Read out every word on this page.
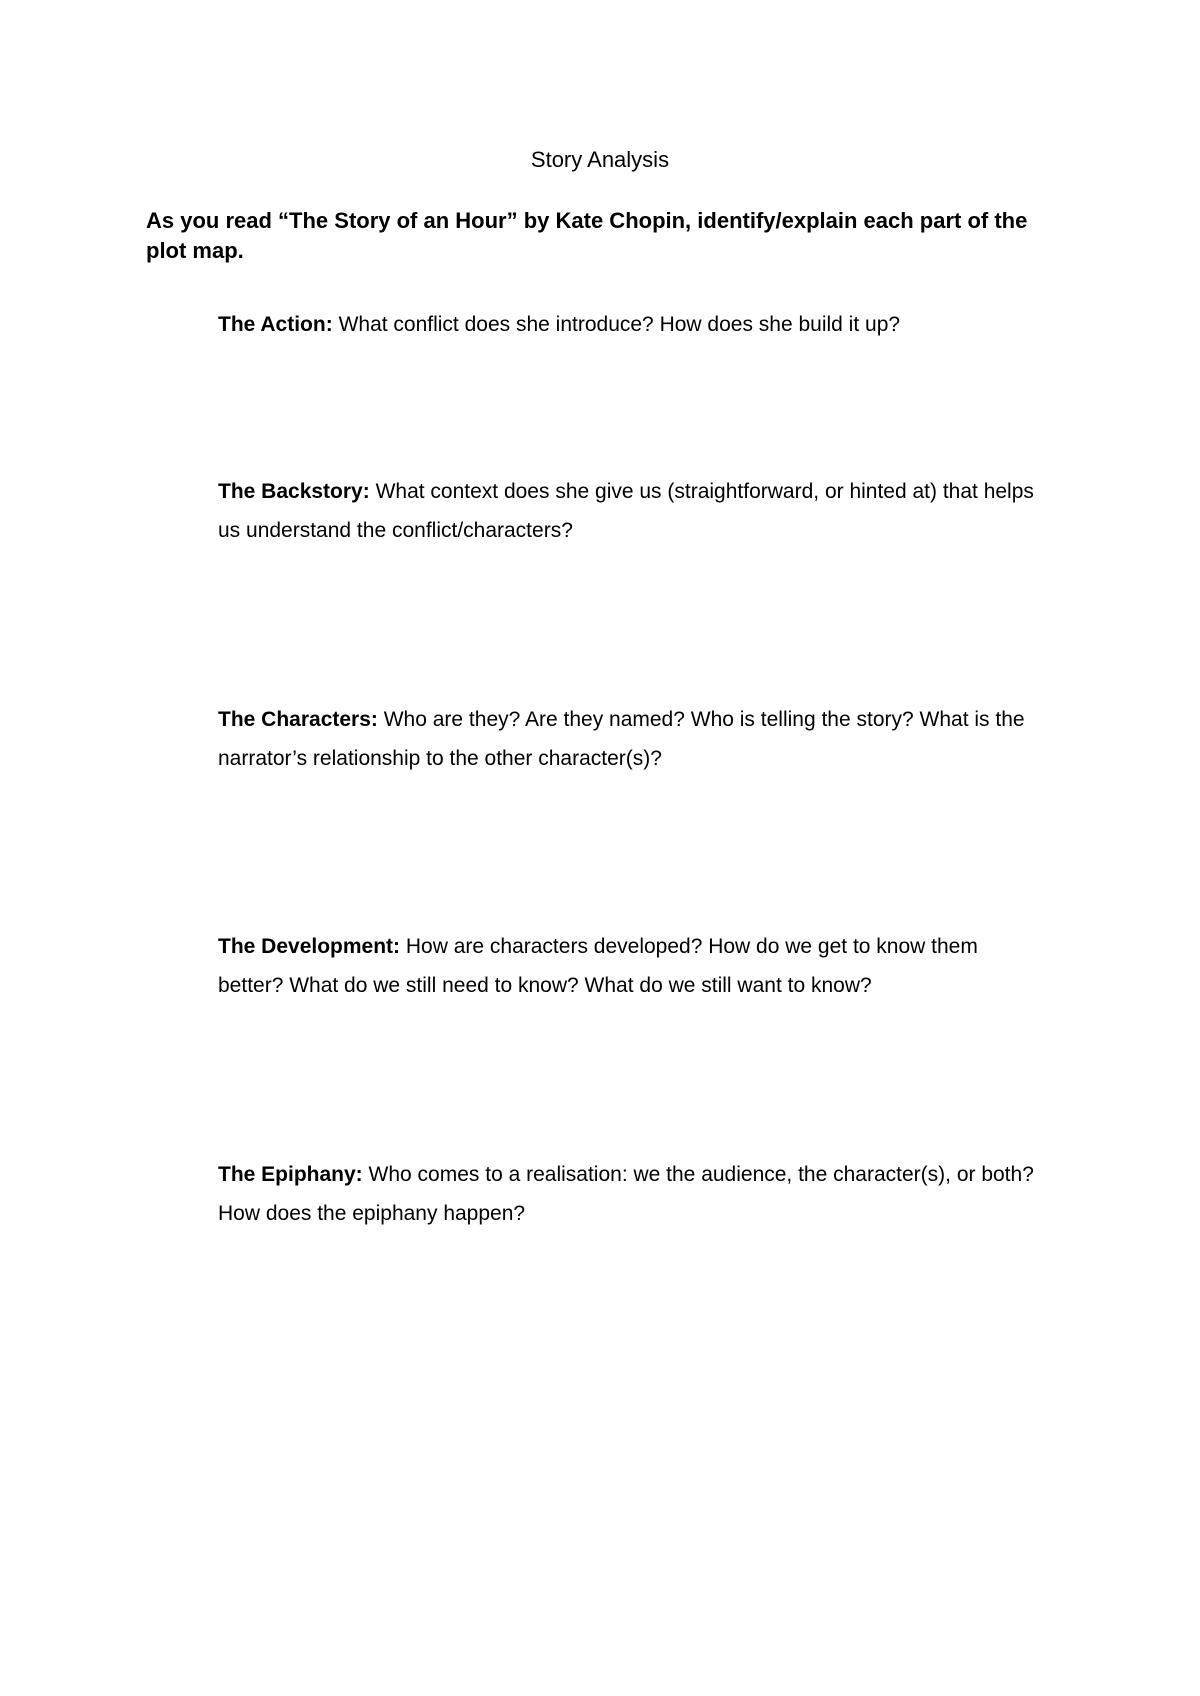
Story Analysis
As you read “The Story of an Hour” by Kate Chopin, identify/explain each part of the plot map.
The Action: What conflict does she introduce? How does she build it up?
The Backstory: What context does she give us (straightforward, or hinted at) that helps us understand the conflict/characters?
The Characters: Who are they? Are they named? Who is telling the story? What is the narrator’s relationship to the other character(s)?
The Development: How are characters developed? How do we get to know them better? What do we still need to know? What do we still want to know?
The Epiphany: Who comes to a realisation: we the audience, the character(s), or both? How does the epiphany happen?
